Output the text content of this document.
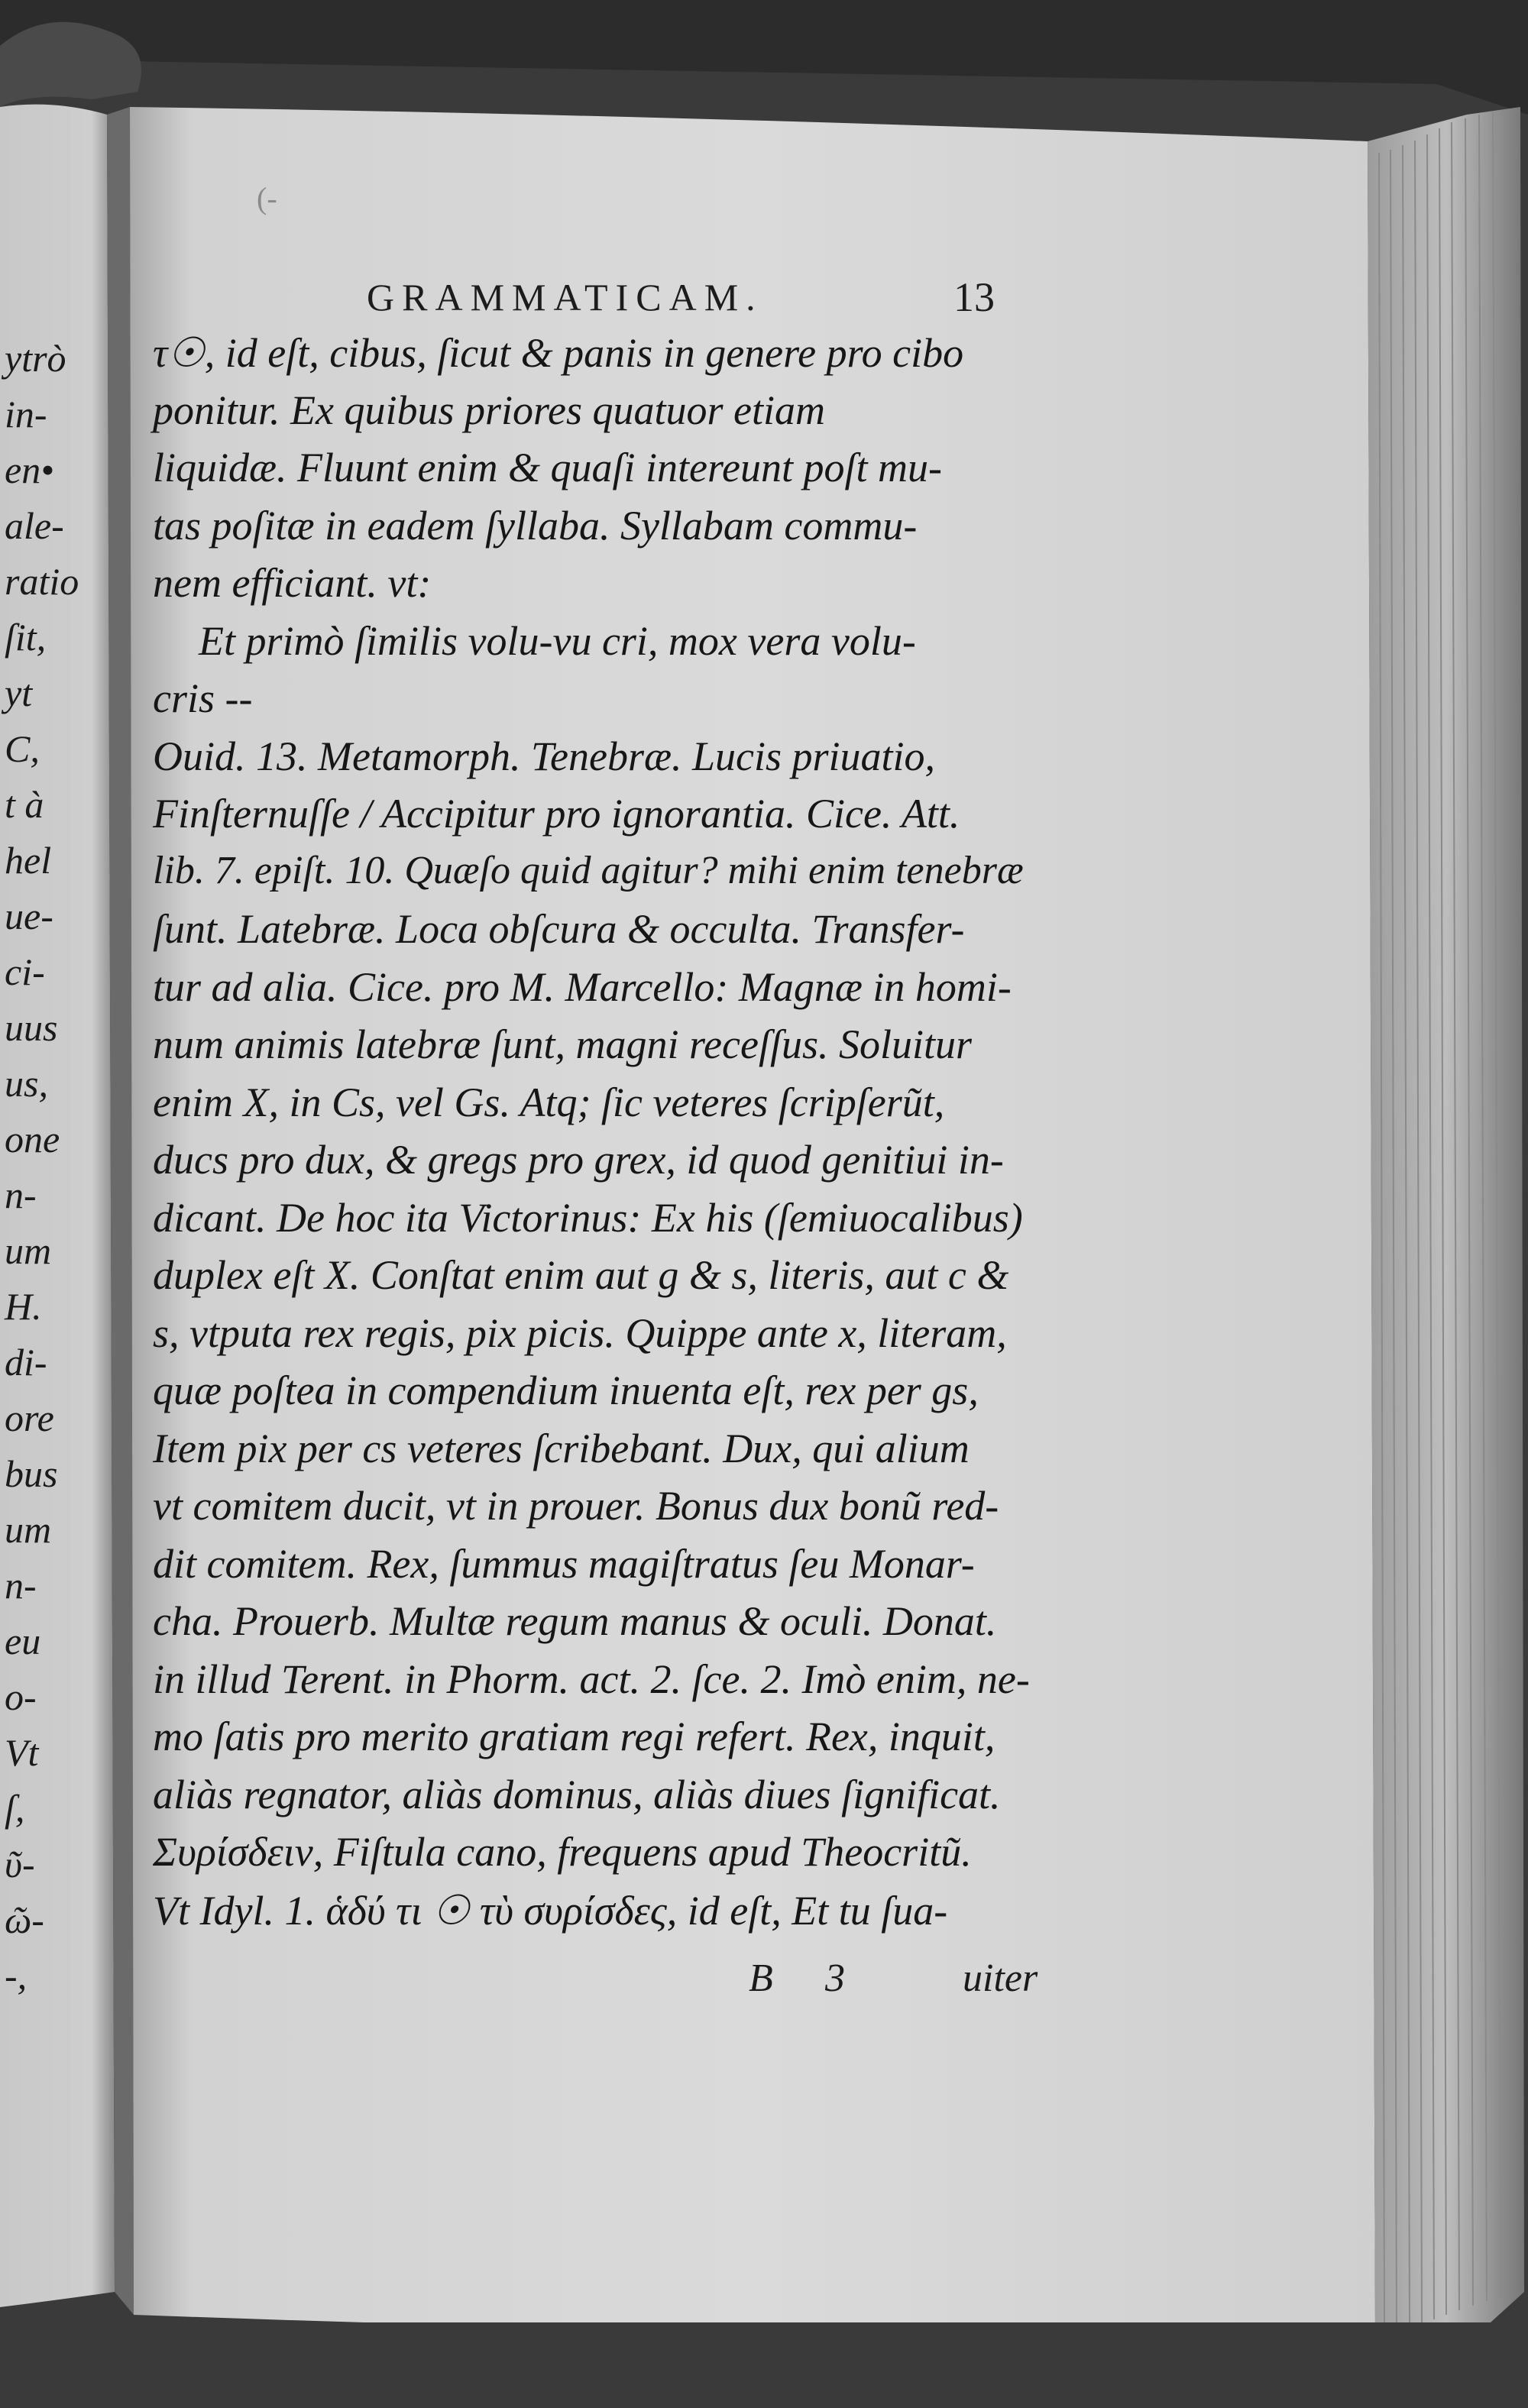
(-
ytrò
in-
en•
ale-
ratio
ſit,
yt
C,
t à
hel
ue-
ci-
uus
us,
one
n-
um
H.
di-
ore
bus
um
n-
eu
o-
Vt
ſ,
ῦ-
ῶ-
-,
GRAMMATICAM.	13
τ☉, id eſt, cibus, ſicut & panis in genere pro cibo
ponitur. Ex quibus priores quatuor etiam
liquidæ. Fluunt enim & quaſi intereunt poſt mu-
tas poſitæ in eadem ſyllaba. Syllabam commu-
nem efficiant. vt:
Et primò ſimilis volu-vu cri, mox vera volu-
cris --
Ouid. 13. Metamorph. Tenebræ. Lucis priuatio,
Finſternuſſe / Accipitur pro ignorantia. Cice. Att.
lib. 7. epiſt. 10. Quæſo quid agitur? mihi enim tenebræ
ſunt. Latebræ. Loca obſcura & occulta. Transfer-
tur ad alia. Cice. pro M. Marcello: Magnæ in homi-
num animis latebræ ſunt, magni receſſus. Soluitur
enim X, in Cs, vel Gs. Atq; ſic veteres ſcripſerũt,
ducs pro dux, & gregs pro grex, id quod genitiui in-
dicant. De hoc ita Victorinus: Ex his (ſemiuocalibus)
duplex eſt X. Conſtat enim aut g & s, literis, aut c &
s, vtputa rex regis, pix picis. Quippe ante x, literam,
quæ poſtea in compendium inuenta eſt, rex per gs,
Item pix per cs veteres ſcribebant. Dux, qui alium
vt comitem ducit, vt in prouer. Bonus dux bonũ red-
dit comitem. Rex, ſummus magiſtratus ſeu Monar-
cha. Prouerb. Multæ regum manus & oculi. Donat.
in illud Terent. in Phorm. act. 2. ſce. 2. Imò enim, ne-
mo ſatis pro merito gratiam regi refert. Rex, inquit,
aliàs regnator, aliàs dominus, aliàs diues ſignificat.
Συρίσδειν, Fiſtula cano, frequens apud Theocritũ.
Vt Idyl. 1. ἁδύ τι ☉ τὺ συρίσδες, id eſt, Et tu ſua-
B 3	uiter
